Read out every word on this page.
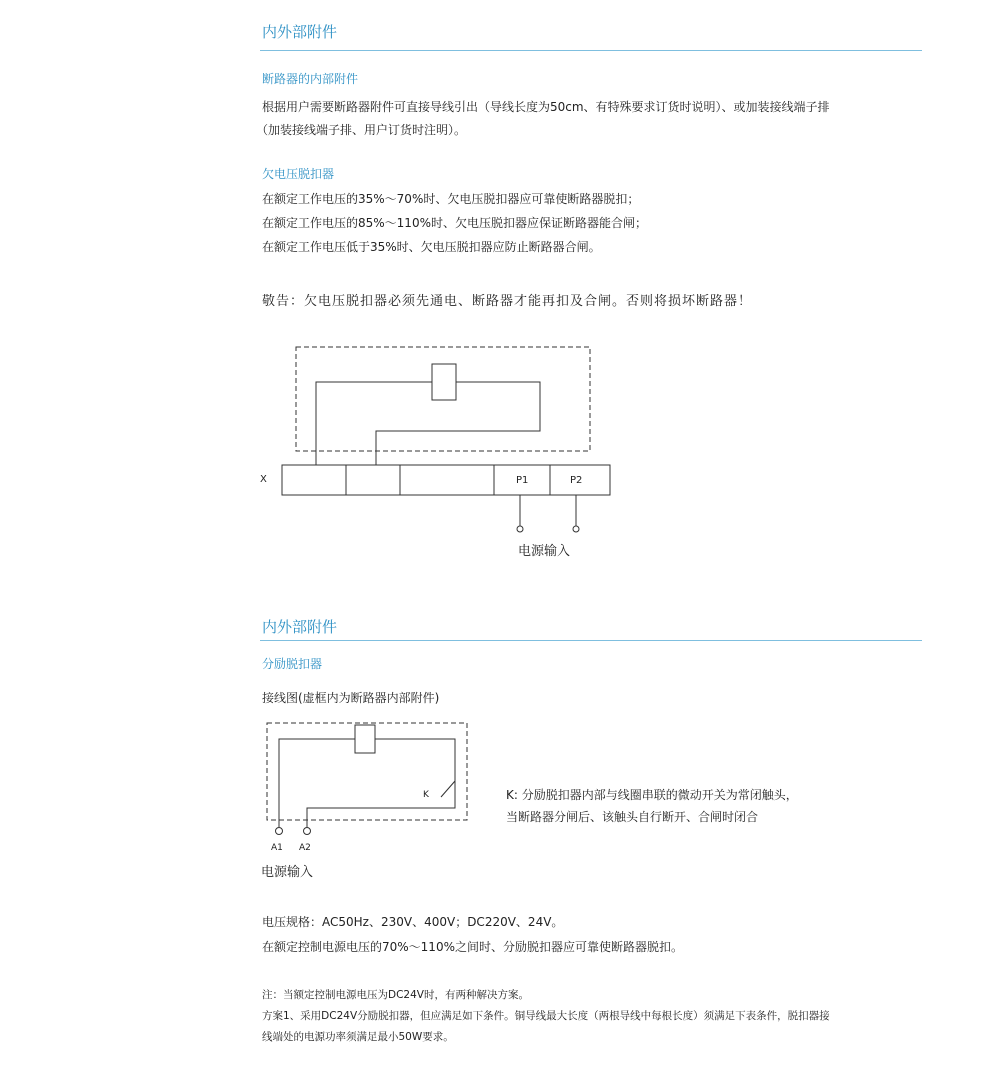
内外部附件
断路器的内部附件
根据用户需要断路器附件可直接导线引出（导线长度为50cm、有特殊要求订货时说明）、或加装接线端子排
（加装接线端子排、用户订货时注明）。
欠电压脱扣器
在额定工作电压的35%～70%时、欠电压脱扣器应可靠使断路器脱扣；
在额定工作电压的85%～110%时、欠电压脱扣器应保证断路器能合闸；
在额定工作电压低于35%时、欠电压脱扣器应防止断路器合闸。
敬告：欠电压脱扣器必须先通电、断路器才能再扣及合闸。否则将损坏断路器！
X	P1	P2
电源输入
内外部附件
分励脱扣器
接线图(虚框内为断路器内部附件)
K
A1 A2
电源输入
K: 分励脱扣器内部与线圈串联的微动开关为常闭触头，
当断路器分闸后、该触头自行断开、合闸时闭合
电压规格：AC50Hz、230V、400V；DC220V、24V。
在额定控制电源电压的70%～110%之间时、分励脱扣器应可靠使断路器脱扣。
注：当额定控制电源电压为DC24V时，有两种解决方案。
方案1、采用DC24V分励脱扣器，但应满足如下条件。铜导线最大长度（两根导线中每根长度）须满足下表条件，脱扣器接
线端处的电源功率须满足最小50W要求。
